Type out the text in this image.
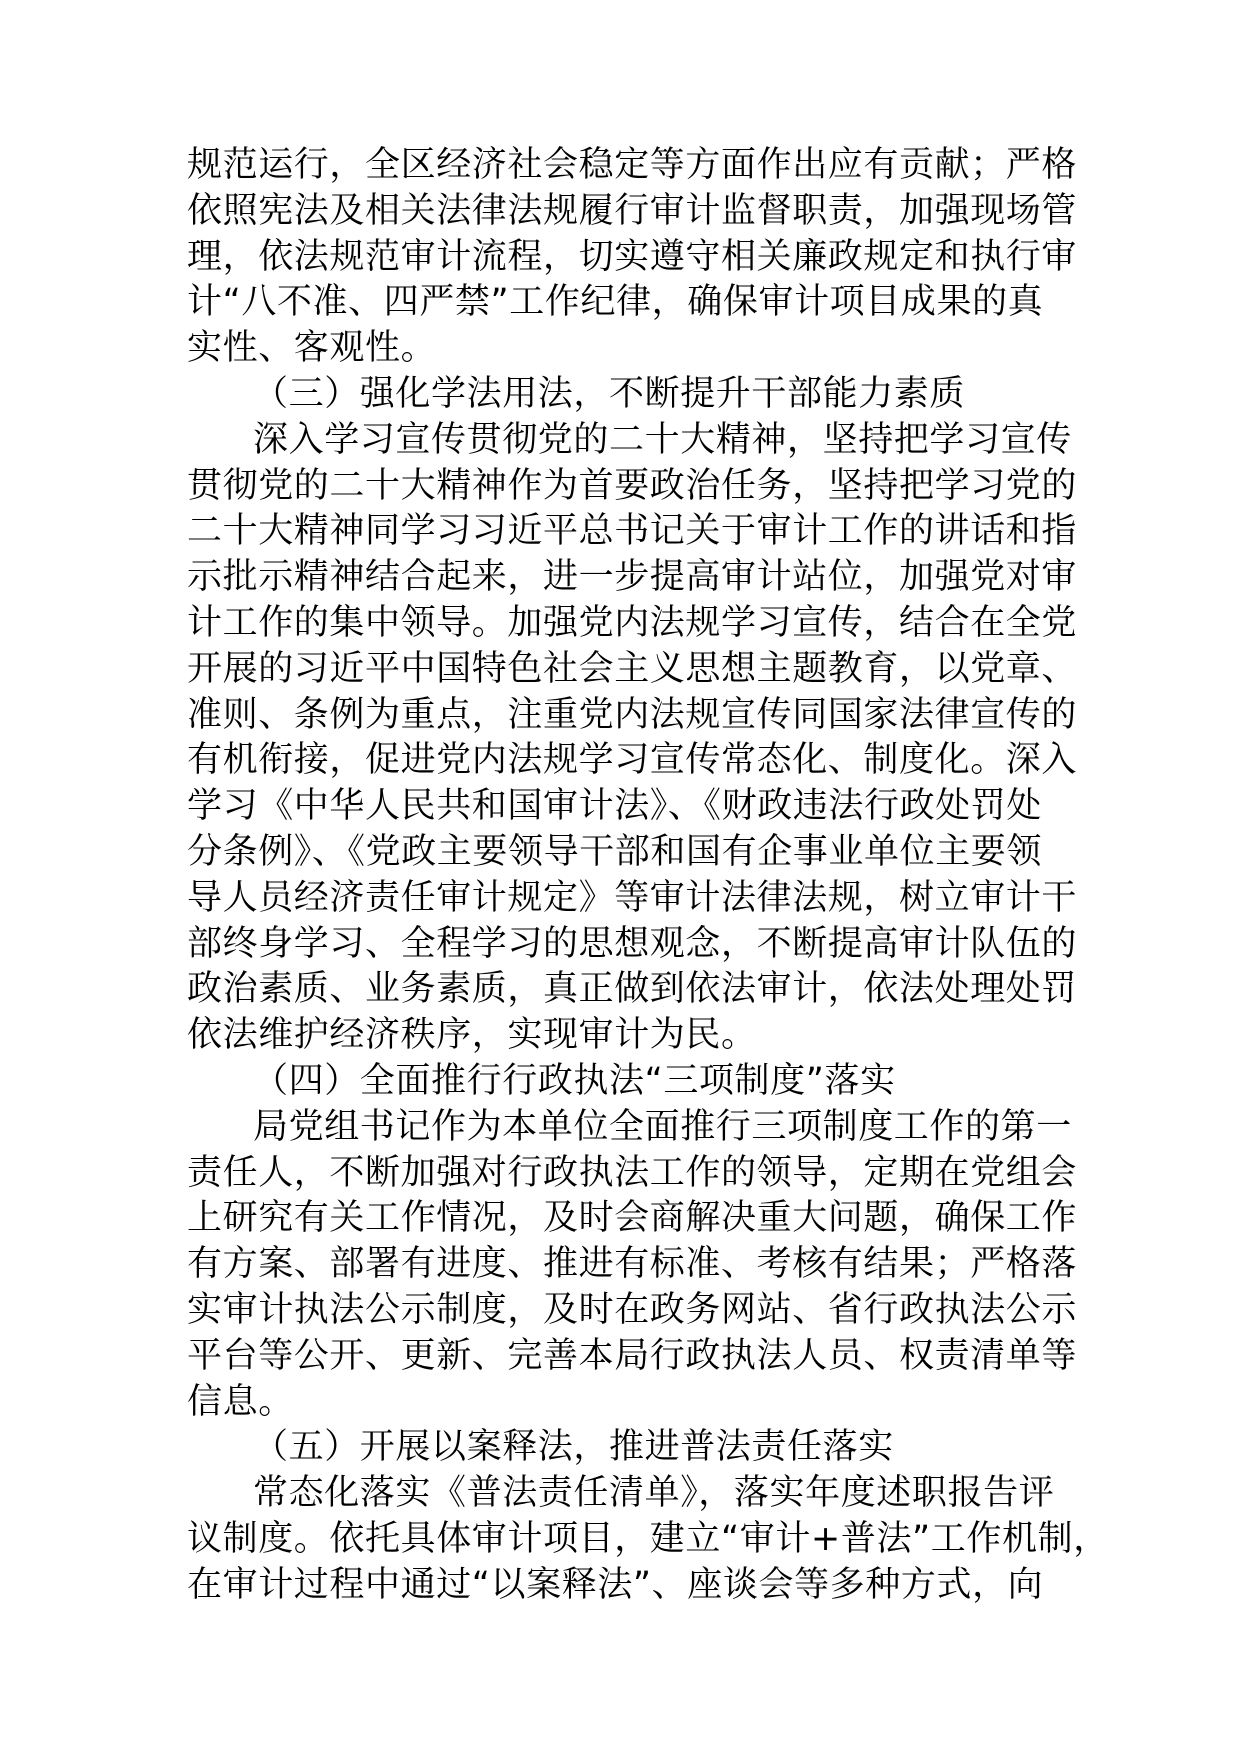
规范运行，全区经济社会稳定等方面作出应有贡献；严格
依照宪法及相关法律法规履行审计监督职责，加强现场管
理，依法规范审计流程，切实遵守相关廉政规定和执行审
计“八不准、四严禁”工作纪律，确保审计项目成果的真
实性、客观性。
（三）强化学法用法，不断提升干部能力素质
深入学习宣传贯彻党的二十大精神，坚持把学习宣传
贯彻党的二十大精神作为首要政治任务，坚持把学习党的
二十大精神同学习习近平总书记关于审计工作的讲话和指
示批示精神结合起来，进一步提高审计站位，加强党对审
计工作的集中领导。加强党内法规学习宣传，结合在全党
开展的习近平中国特色社会主义思想主题教育，以党章、
准则、条例为重点，注重党内法规宣传同国家法律宣传的
有机衔接，促进党内法规学习宣传常态化、制度化。深入
学习《中华人民共和国审计法》、《财政违法行政处罚处
分条例》、《党政主要领导干部和国有企事业单位主要领
导人员经济责任审计规定》等审计法律法规，树立审计干
部终身学习、全程学习的思想观念，不断提高审计队伍的
政治素质、业务素质，真正做到依法审计，依法处理处罚
依法维护经济秩序，实现审计为民。
（四）全面推行行政执法“三项制度”落实
局党组书记作为本单位全面推行三项制度工作的第一
责任人，不断加强对行政执法工作的领导，定期在党组会
上研究有关工作情况，及时会商解决重大问题，确保工作
有方案、部署有进度、推进有标准、考核有结果；严格落
实审计执法公示制度，及时在政务网站、省行政执法公示
平台等公开、更新、完善本局行政执法人员、权责清单等
信息。
（五）开展以案释法，推进普法责任落实
常态化落实《普法责任清单》，落实年度述职报告评
议制度。依托具体审计项目，建立“审计+普法”工作机制，
在审计过程中通过“以案释法”、座谈会等多种方式，向
